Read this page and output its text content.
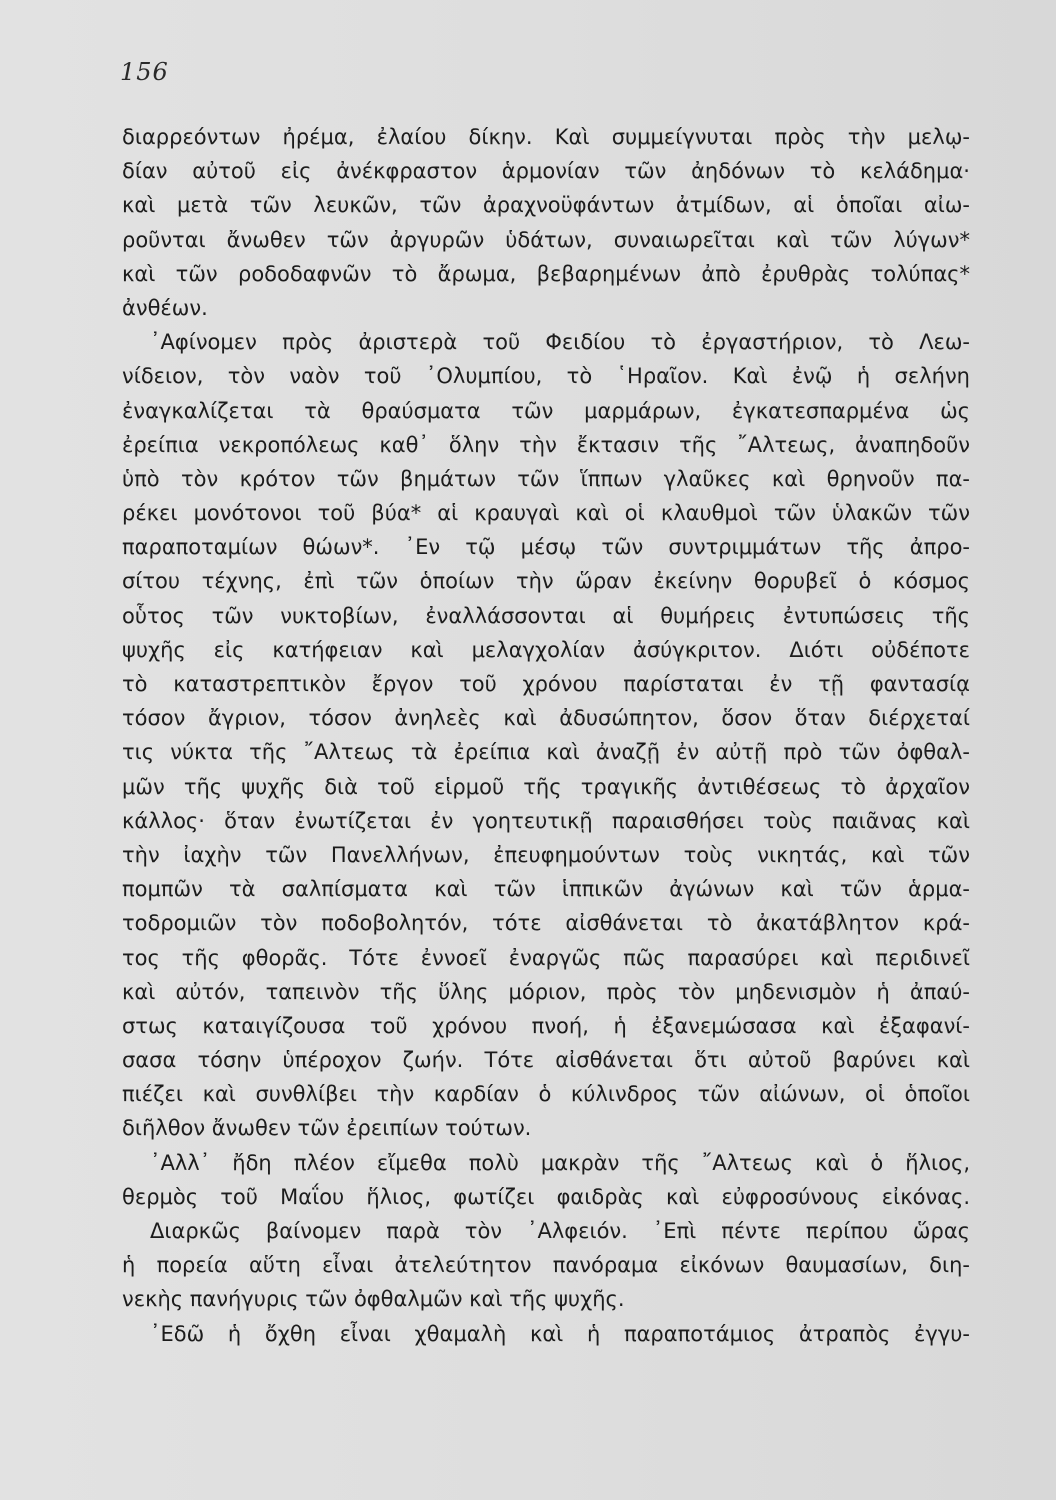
156
διαρρεόντων ἠρέμα, ἐλαίου δίκην. Καὶ συμμείγνυται πρὸς τὴν μελῳ-
δίαν αὐτοῦ εἰς ἀνέκφραστον ἁρμονίαν τῶν ἀηδόνων τὸ κελάδημα·
καὶ μετὰ τῶν λευκῶν, τῶν ἀραχνοϋφάντων ἀτμίδων, αἱ ὁποῖαι αἰω-
ροῦνται ἄνωθεν τῶν ἀργυρῶν ὑδάτων, συναιωρεῖται καὶ τῶν λύγων*
καὶ τῶν ροδοδαφνῶν τὸ ἄρωμα, βεβαρημένων ἀπὸ ἐρυθρὰς τολύπας*
ἀνθέων.
᾿Αφίνομεν πρὸς ἀριστερὰ τοῦ Φειδίου τὸ ἐργαστήριον, τὸ Λεω-
νίδειον, τὸν ναὸν τοῦ ᾿Ολυμπίου, τὸ ῾Ηραῖον. Καὶ ἐνῷ ἡ σελήνη
ἐναγκαλίζεται τὰ θραύσματα τῶν μαρμάρων, ἐγκατεσπαρμένα ὡς
ἐρείπια νεκροπόλεως καθ᾿ ὅλην τὴν ἔκτασιν τῆς ῎Αλτεως, ἀναπηδοῦν
ὑπὸ τὸν κρότον τῶν βημάτων τῶν ἵππων γλαῦκες καὶ θρηνοῦν πα-
ρέκει μονότονοι τοῦ βύα* αἱ κραυγαὶ καὶ οἱ κλαυθμοὶ τῶν ὑλακῶν τῶν
παραποταμίων θώων*. ᾿Εν τῷ μέσῳ τῶν συντριμμάτων τῆς ἀπρο-
σίτου τέχνης, ἐπὶ τῶν ὁποίων τὴν ὥραν ἐκείνην θορυβεῖ ὁ κόσμος
οὗτος τῶν νυκτοβίων, ἐναλλάσσονται αἱ θυμήρεις ἐντυπώσεις τῆς
ψυχῆς εἰς κατήφειαν καὶ μελαγχολίαν ἀσύγκριτον. Διότι οὐδέποτε
τὸ καταστρεπτικὸν ἔργον τοῦ χρόνου παρίσταται ἐν τῇ φαντασίᾳ
τόσον ἄγριον, τόσον ἀνηλεὲς καὶ ἀδυσώπητον, ὅσον ὅταν διέρχεταί
τις νύκτα τῆς ῎Αλτεως τὰ ἐρείπια καὶ ἀναζῇ ἐν αὐτῇ πρὸ τῶν ὀφθαλ-
μῶν τῆς ψυχῆς διὰ τοῦ εἱρμοῦ τῆς τραγικῆς ἀντιθέσεως τὸ ἀρχαῖον
κάλλος· ὅταν ἐνωτίζεται ἐν γοητευτικῇ παραισθήσει τοὺς παιᾶνας καὶ
τὴν ἰαχὴν τῶν Πανελλήνων, ἐπευφημούντων τοὺς νικητάς, καὶ τῶν
πομπῶν τὰ σαλπίσματα καὶ τῶν ἱππικῶν ἀγώνων καὶ τῶν ἁρμα-
τοδρομιῶν τὸν ποδοβολητόν, τότε αἰσθάνεται τὸ ἀκατάβλητον κρά-
τος τῆς φθορᾶς. Τότε ἐννοεῖ ἐναργῶς πῶς παρασύρει καὶ περιδινεῖ
καὶ αὐτόν, ταπεινὸν τῆς ὕλης μόριον, πρὸς τὸν μηδενισμὸν ἡ ἀπαύ-
στως καταιγίζουσα τοῦ χρόνου πνοή, ἡ ἐξανεμώσασα καὶ ἐξαφανί-
σασα τόσην ὑπέροχον ζωήν. Τότε αἰσθάνεται ὅτι αὐτοῦ βαρύνει καὶ
πιέζει καὶ συνθλίβει τὴν καρδίαν ὁ κύλινδρος τῶν αἰώνων, οἱ ὁποῖοι
διῆλθον ἄνωθεν τῶν ἐρειπίων τούτων.
᾿Αλλ᾿ ἤδη πλέον εἴμεθα πολὺ μακρὰν τῆς ῎Αλτεως καὶ ὁ ἥλιος,
θερμὸς τοῦ Μαΐου ἥλιος, φωτίζει φαιδρὰς καὶ εὐφροσύνους εἰκόνας.
Διαρκῶς βαίνομεν παρὰ τὸν ᾿Αλφειόν. ᾿Επὶ πέντε περίπου ὥρας
ἡ πορεία αὕτη εἶναι ἀτελεύτητον πανόραμα εἰκόνων θαυμασίων, διη-
νεκὴς πανήγυρις τῶν ὀφθαλμῶν καὶ τῆς ψυχῆς.
᾿Εδῶ ἡ ὄχθη εἶναι χθαμαλὴ καὶ ἡ παραποτάμιος ἀτραπὸς ἐγγυ-
